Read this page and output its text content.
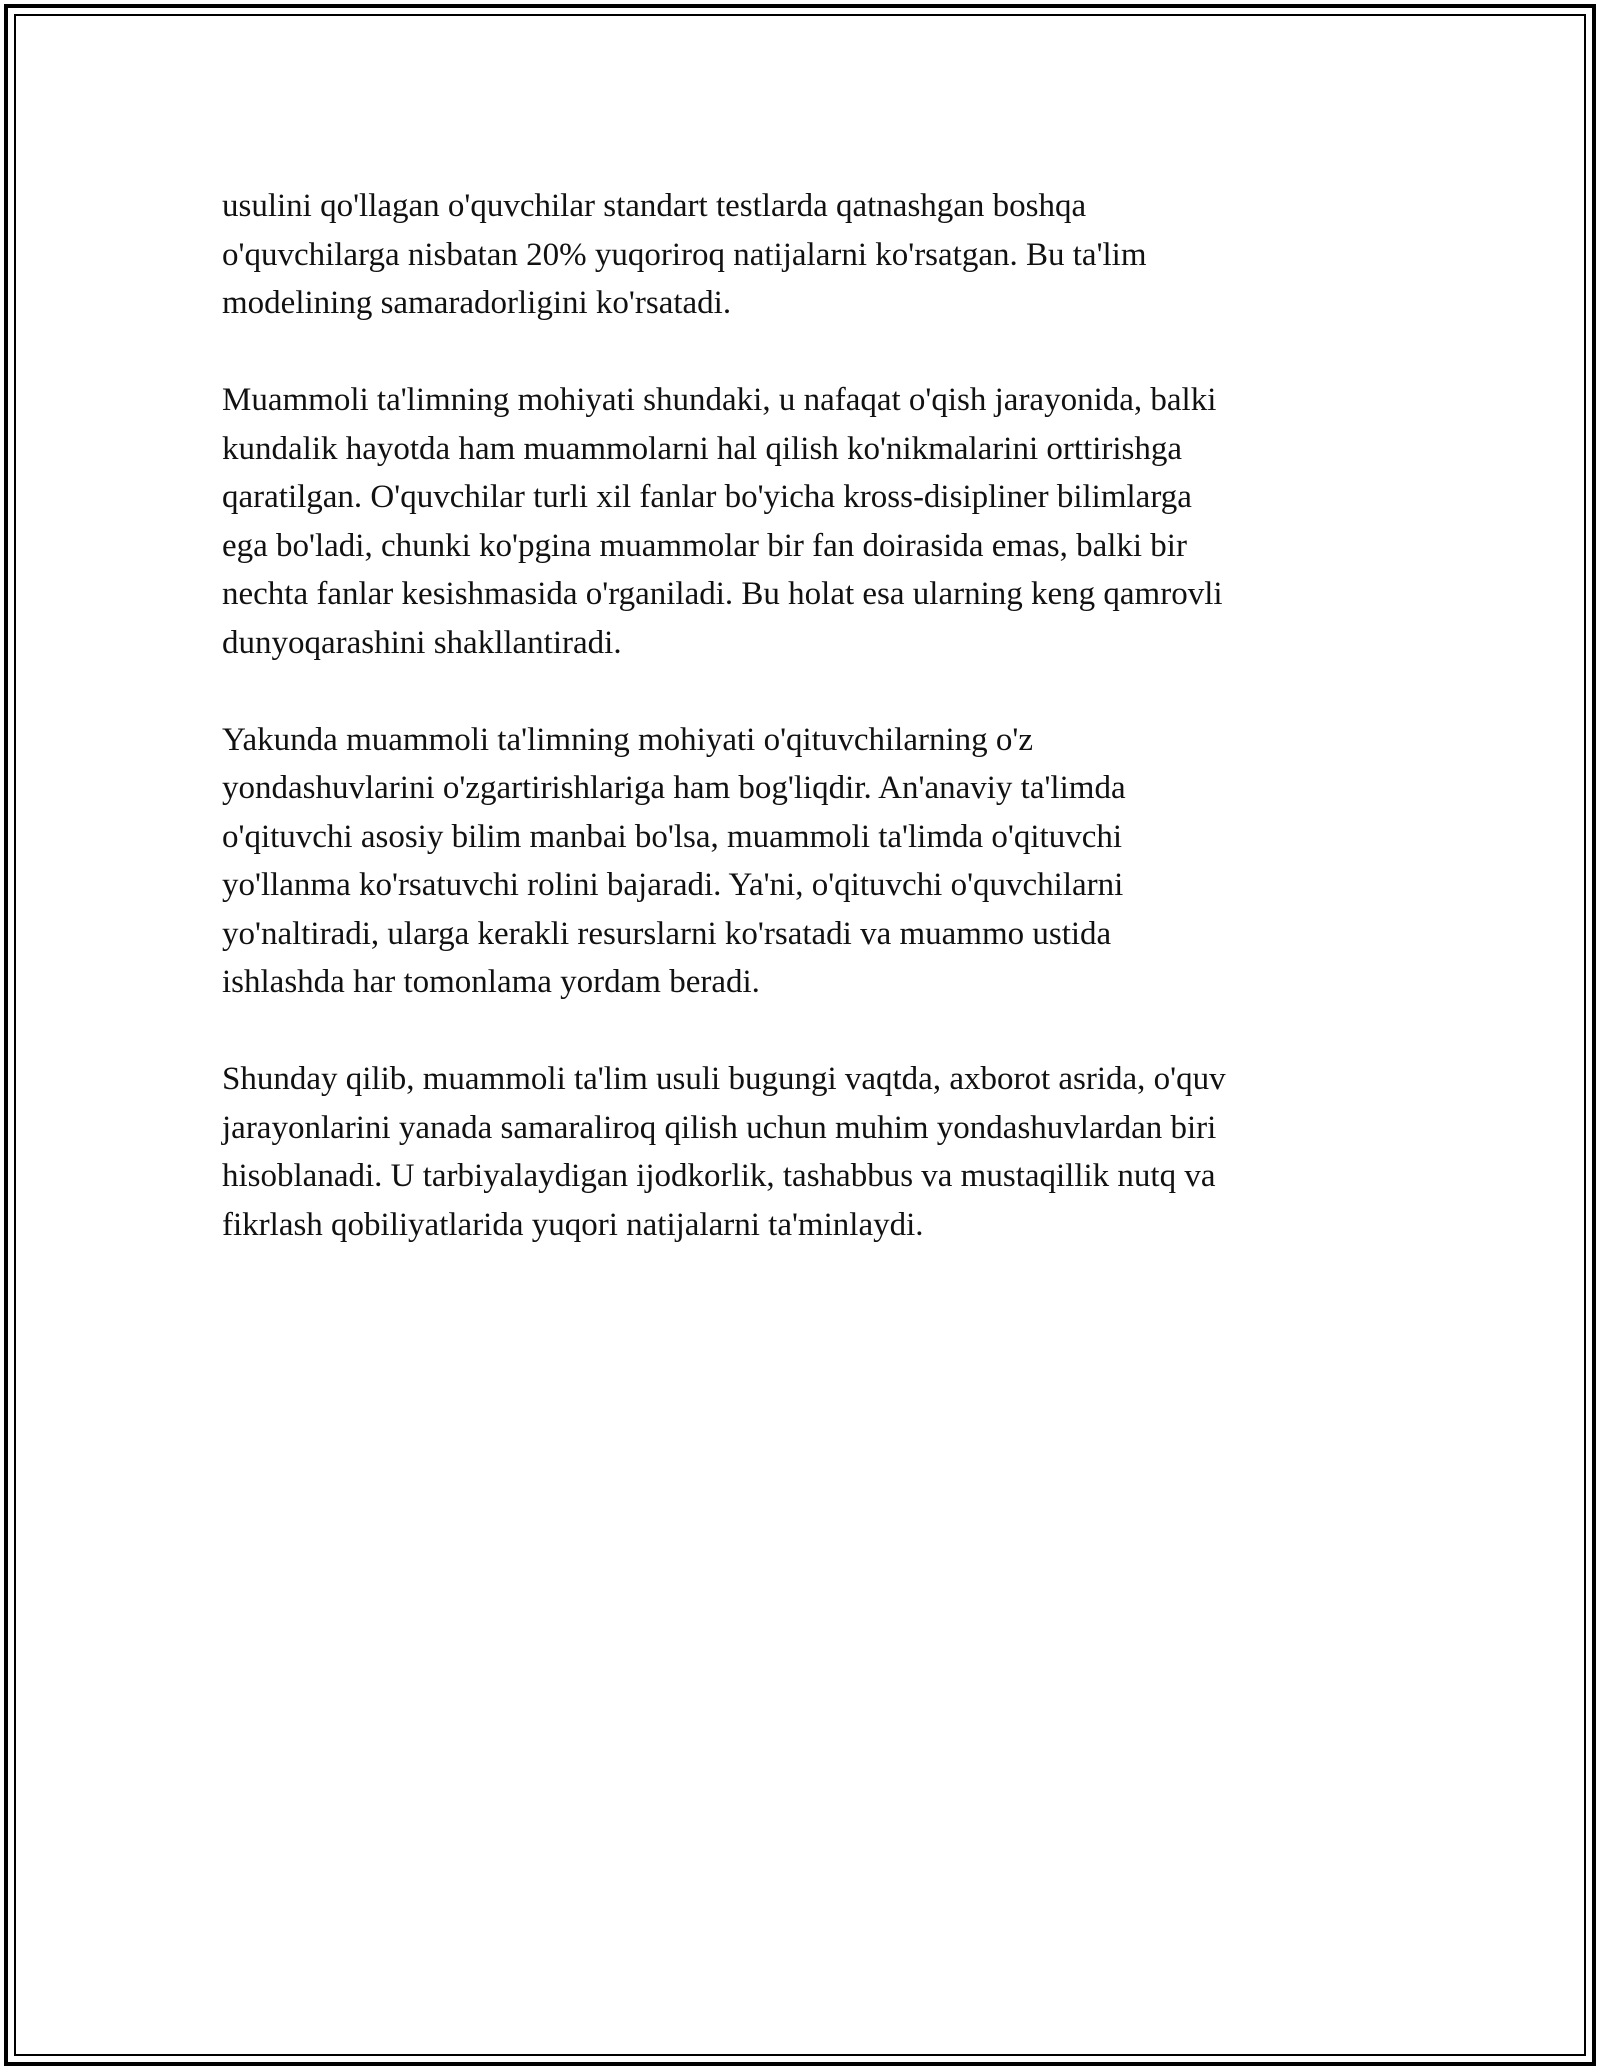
usulini qo'llagan o'quvchilar standart testlarda qatnashgan boshqa
o'quvchilarga nisbatan 20% yuqoriroq natijalarni ko'rsatgan. Bu ta'lim
modelining samaradorligini ko'rsatadi.

Muammoli ta'limning mohiyati shundaki, u nafaqat o'qish jarayonida, balki
kundalik hayotda ham muammolarni hal qilish ko'nikmalarini orttirishga
qaratilgan. O'quvchilar turli xil fanlar bo'yicha kross-disipliner bilimlarga
ega bo'ladi, chunki ko'pgina muammolar bir fan doirasida emas, balki bir
nechta fanlar kesishmasida o'rganiladi. Bu holat esa ularning keng qamrovli
dunyoqarashini shakllantiradi.

Yakunda muammoli ta'limning mohiyati o'qituvchilarning o'z
yondashuvlarini o'zgartirishlariga ham bog'liqdir. An'anaviy ta'limda
o'qituvchi asosiy bilim manbai bo'lsa, muammoli ta'limda o'qituvchi
yo'llanma ko'rsatuvchi rolini bajaradi. Ya'ni, o'qituvchi o'quvchilarni
yo'naltiradi, ularga kerakli resurslarni ko'rsatadi va muammo ustida
ishlashda har tomonlama yordam beradi.

Shunday qilib, muammoli ta'lim usuli bugungi vaqtda, axborot asrida, o'quv
jarayonlarini yanada samaraliroq qilish uchun muhim yondashuvlardan biri
hisoblanadi. U tarbiyalaydigan ijodkorlik, tashabbus va mustaqillik nutq va
fikrlash qobiliyatlarida yuqori natijalarni ta'minlaydi.
